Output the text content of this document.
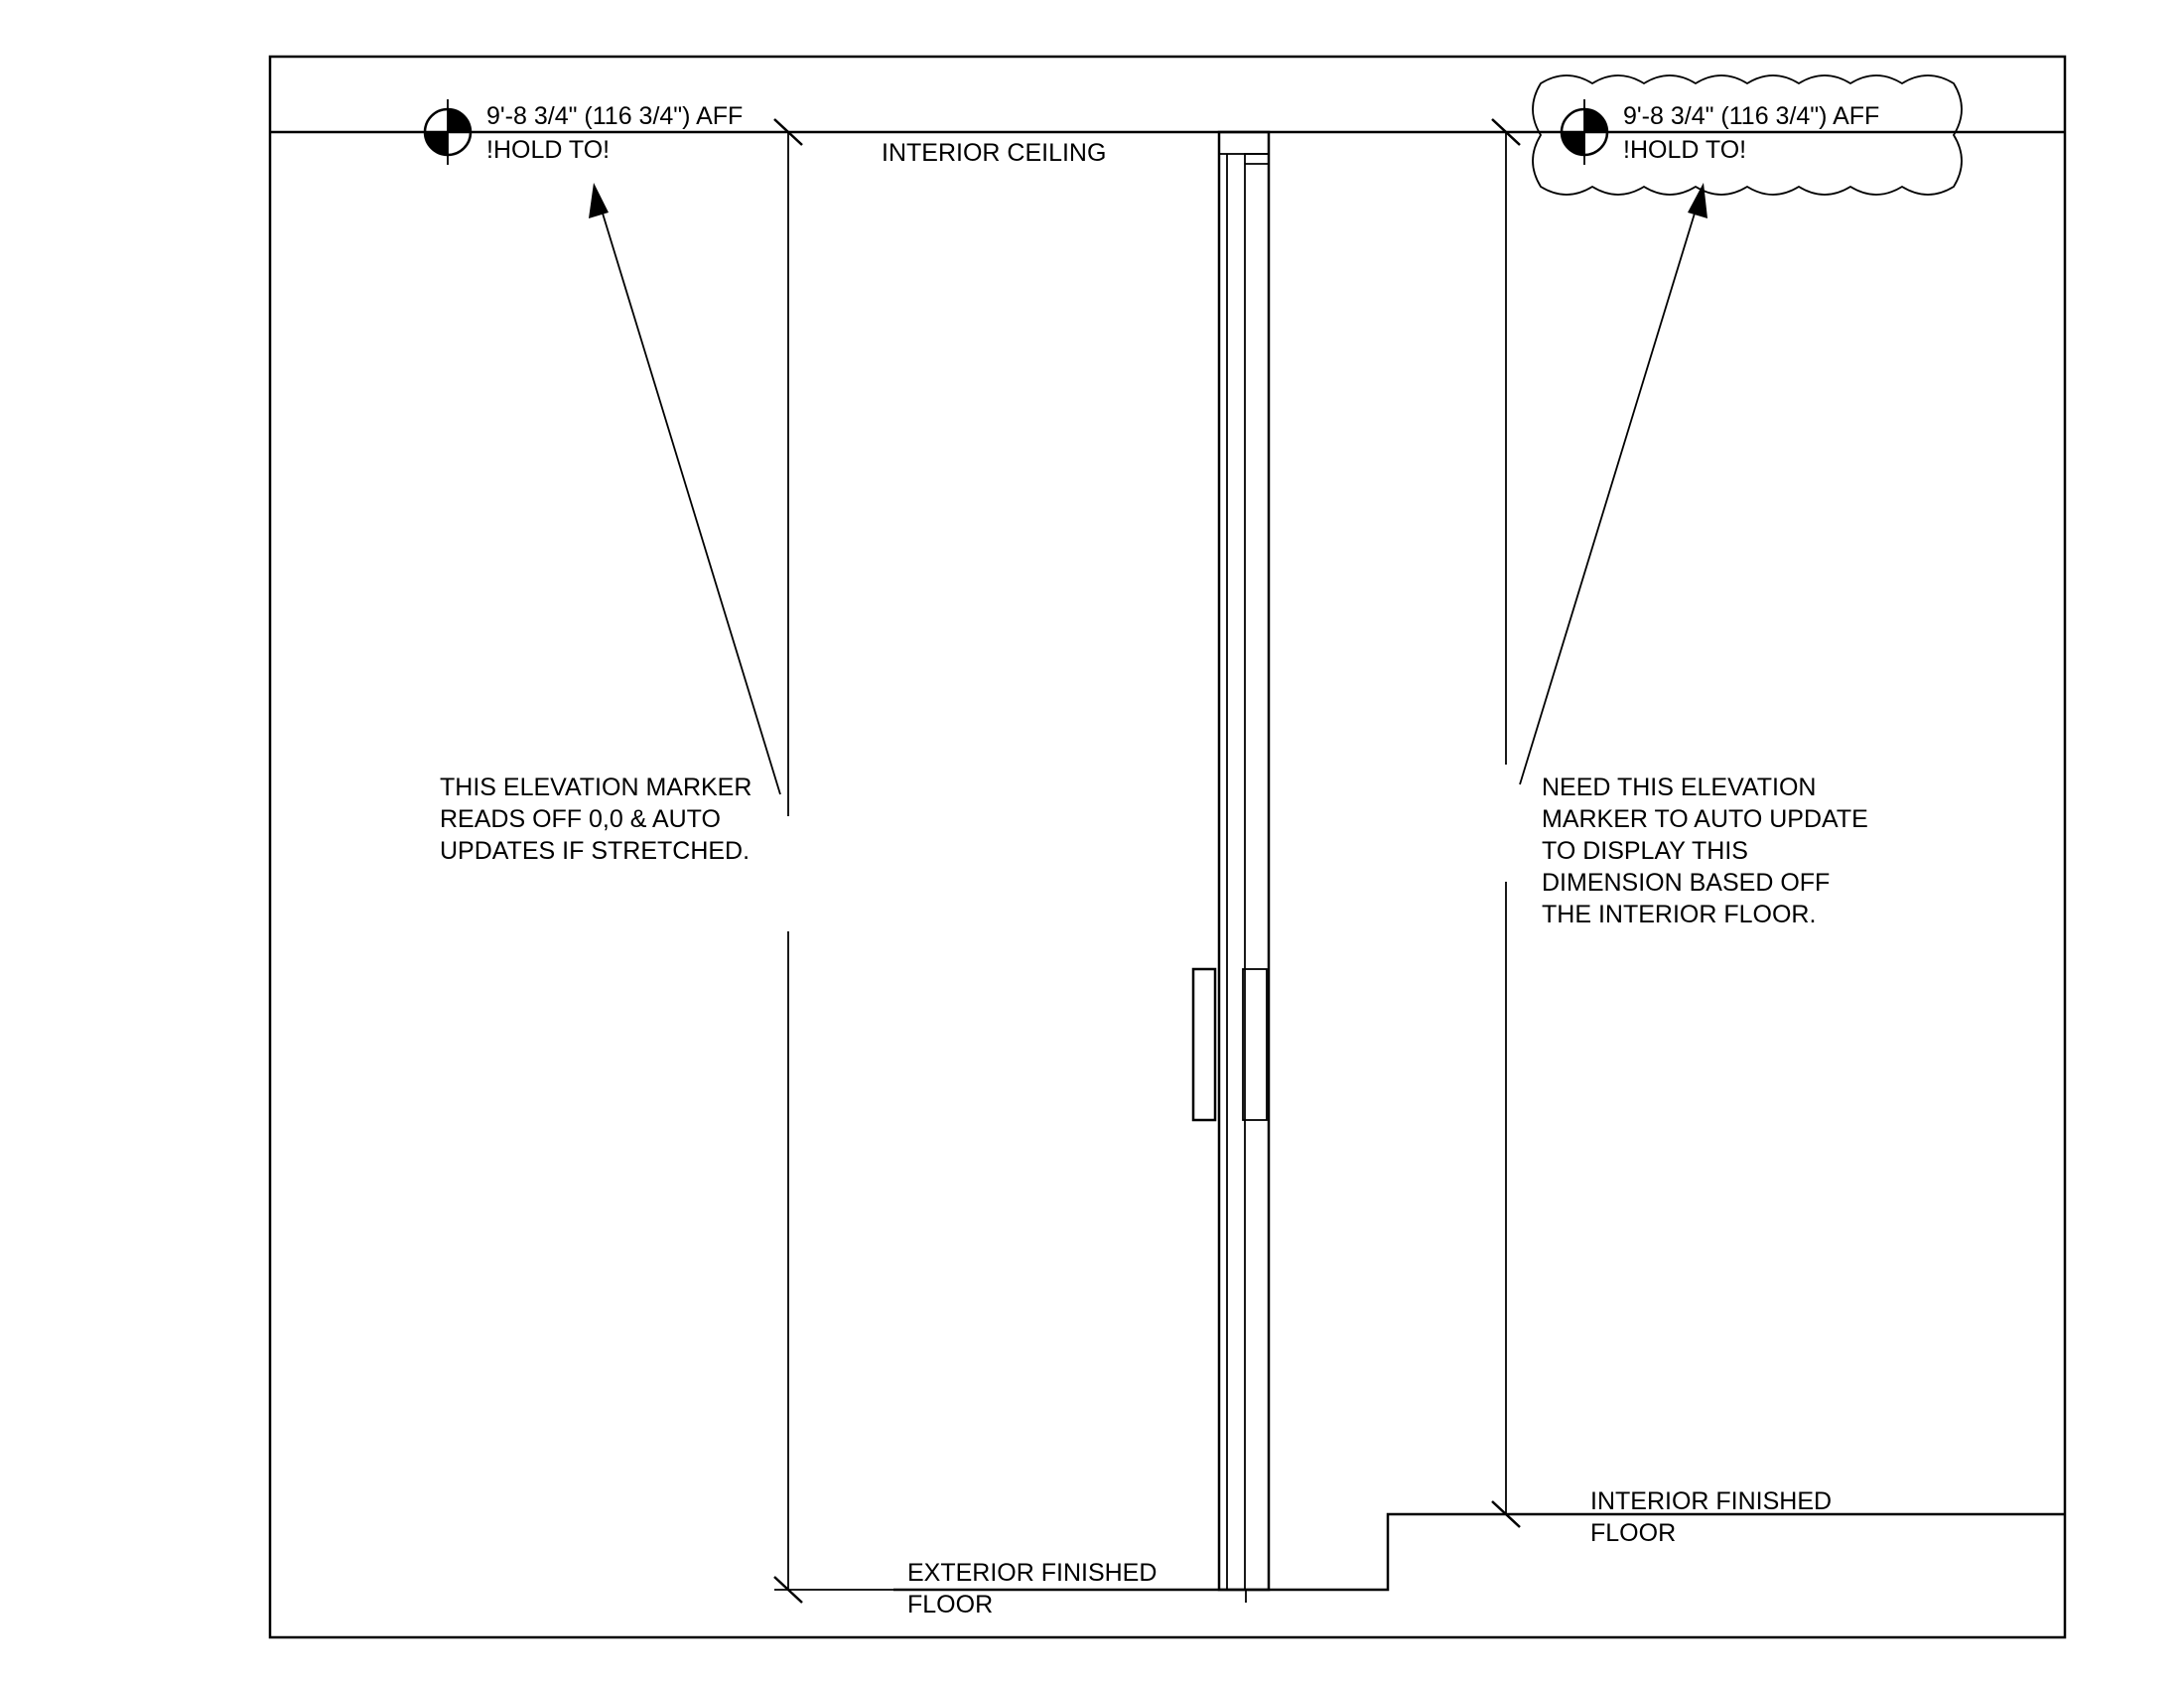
9'-8 3/4" (116 3/4") AFF
!HOLD TO!
9'-8 3/4" (116 3/4") AFF
!HOLD TO!
INTERIOR CEILING
EXTERIOR FINISHED
FLOOR
INTERIOR FINISHED
FLOOR
THIS ELEVATION MARKER
READS OFF 0,0 & AUTO
UPDATES IF STRETCHED.
NEED THIS ELEVATION
MARKER TO AUTO UPDATE
TO DISPLAY THIS
DIMENSION BASED OFF
THE INTERIOR FLOOR.
